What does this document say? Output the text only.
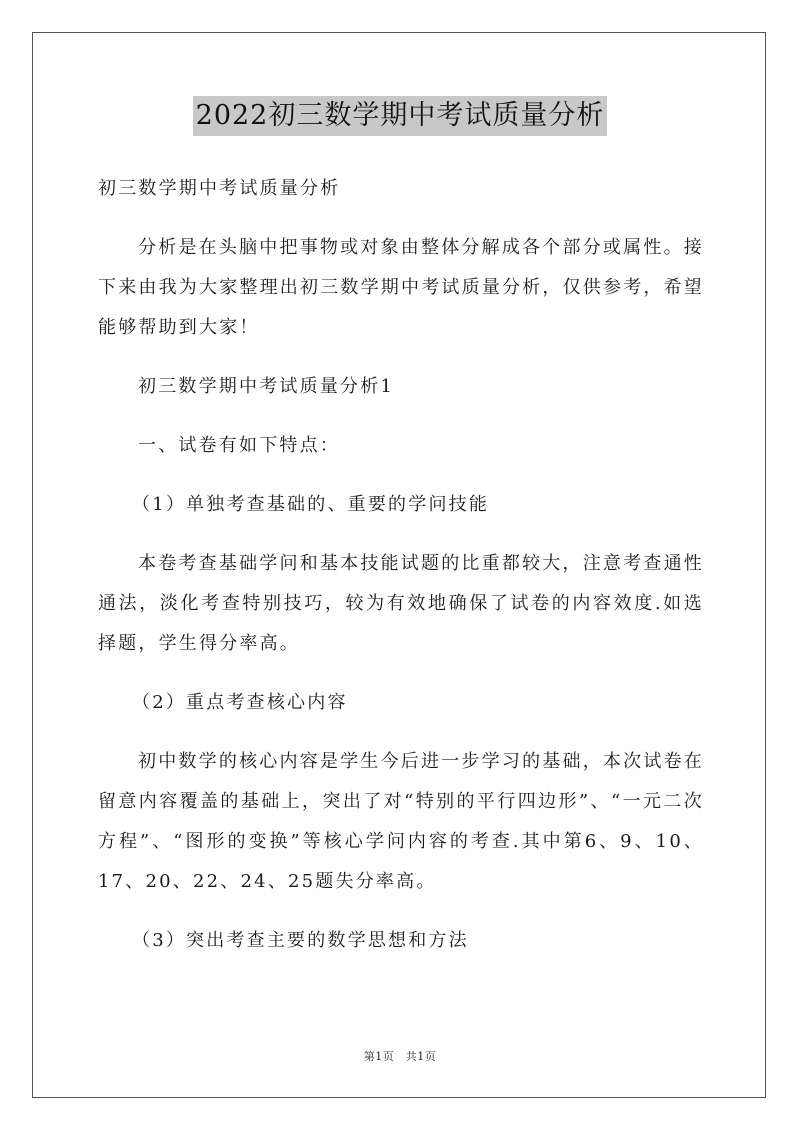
2022初三数学期中考试质量分析

初三数学期中考试质量分析

分析是在头脑中把事物或对象由整体分解成各个部分或属性。接下来由我为大家整理出初三数学期中考试质量分析，仅供参考，希望能够帮助到大家！

初三数学期中考试质量分析1

一、试卷有如下特点：

（1）单独考查基础的、重要的学问技能

本卷考查基础学问和基本技能试题的比重都较大，注意考查通性通法，淡化考查特别技巧，较为有效地确保了试卷的内容效度.如选择题，学生得分率高。

（2）重点考查核心内容

初中数学的核心内容是学生今后进一步学习的基础，本次试卷在留意内容覆盖的基础上，突出了对“特别的平行四边形”、“一元二次方程”、“图形的变换”等核心学问内容的考查.其中第6、9、10、17、20、22、24、25题失分率高。

（3）突出考查主要的数学思想和方法

第1页　共1页
